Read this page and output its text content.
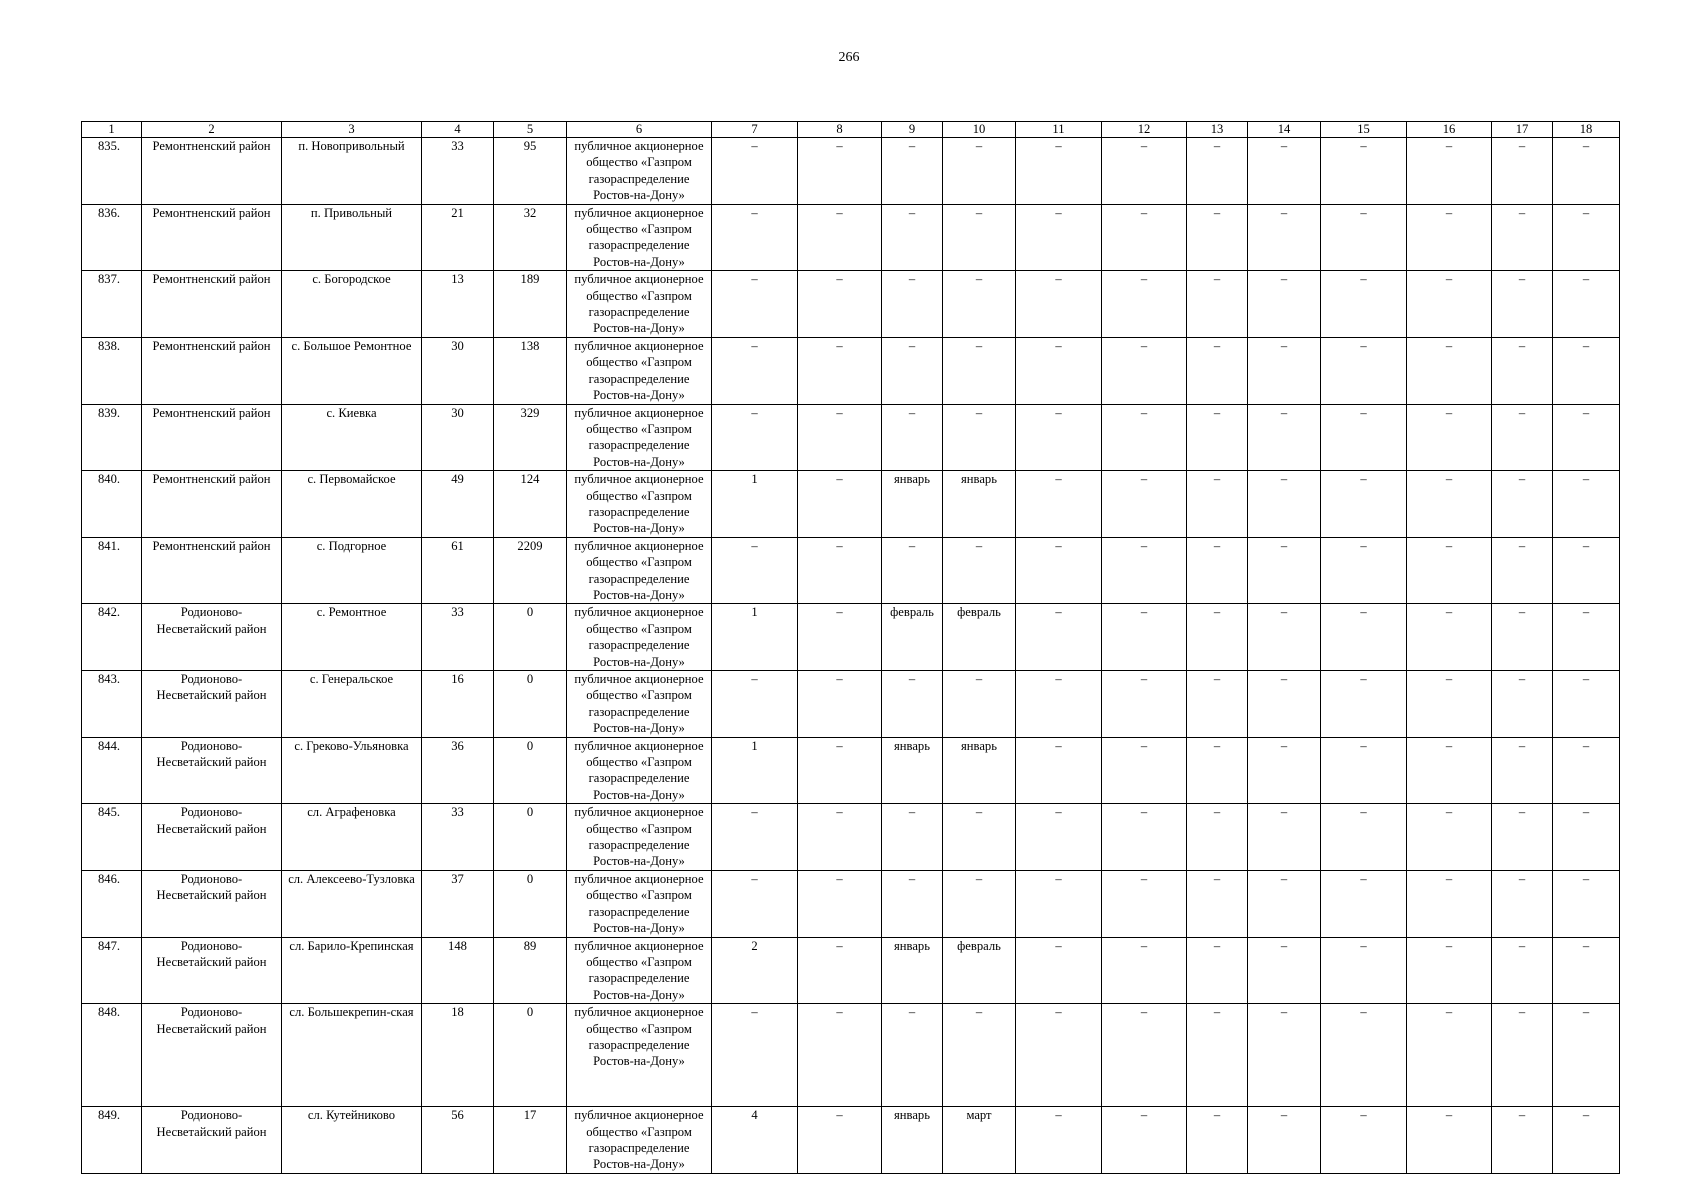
266
1	2	3	4	5	6	7	8	9	10	11	12	13	14	15	16	17	18
835.	Ремонтненский район	п. Новопривольный	33	95	публичное акционерное общество «Газпром газораспределение Ростов-на-Дону»	–	–	–	–	–	–	–	–	–	–	–	–
836.	Ремонтненский район	п. Привольный	21	32	публичное акционерное общество «Газпром газораспределение Ростов-на-Дону»	–	–	–	–	–	–	–	–	–	–	–	–
837.	Ремонтненский район	с. Богородское	13	189	публичное акционерное общество «Газпром газораспределение Ростов-на-Дону»	–	–	–	–	–	–	–	–	–	–	–	–
838.	Ремонтненский район	с. Большое Ремонтное	30	138	публичное акционерное общество «Газпром газораспределение Ростов-на-Дону»	–	–	–	–	–	–	–	–	–	–	–	–
839.	Ремонтненский район	с. Киевка	30	329	публичное акционерное общество «Газпром газораспределение Ростов-на-Дону»	–	–	–	–	–	–	–	–	–	–	–	–
840.	Ремонтненский район	с. Первомайское	49	124	публичное акционерное общество «Газпром газораспределение Ростов-на-Дону»	1	–	январь	январь	–	–	–	–	–	–	–	–
841.	Ремонтненский район	с. Подгорное	61	2209	публичное акционерное общество «Газпром газораспределение Ростов-на-Дону»	–	–	–	–	–	–	–	–	–	–	–	–
842.	Родионово-Несветайский район	с. Ремонтное	33	0	публичное акционерное общество «Газпром газораспределение Ростов-на-Дону»	1	–	февраль	февраль	–	–	–	–	–	–	–	–
843.	Родионово-Несветайский район	с. Генеральское	16	0	публичное акционерное общество «Газпром газораспределение Ростов-на-Дону»	–	–	–	–	–	–	–	–	–	–	–	–
844.	Родионово-Несветайский район	с. Греково-Ульяновка	36	0	публичное акционерное общество «Газпром газораспределение Ростов-на-Дону»	1	–	январь	январь	–	–	–	–	–	–	–	–
845.	Родионово-Несветайский район	сл. Аграфеновка	33	0	публичное акционерное общество «Газпром газораспределение Ростов-на-Дону»	–	–	–	–	–	–	–	–	–	–	–	–
846.	Родионово-Несветайский район	сл. Алексеево-Тузловка	37	0	публичное акционерное общество «Газпром газораспределение Ростов-на-Дону»	–	–	–	–	–	–	–	–	–	–	–	–
847.	Родионово-Несветайский район	сл. Барило-Крепинская	148	89	публичное акционерное общество «Газпром газораспределение Ростов-на-Дону»	2	–	январь	февраль	–	–	–	–	–	–	–	–
848.	Родионово-Несветайский район	сл. Большекрепин-ская	18	0	публичное акционерное общество «Газпром газораспределение Ростов-на-Дону»	–	–	–	–	–	–	–	–	–	–	–	–
849.	Родионово-Несветайский район	сл. Кутейниково	56	17	публичное акционерное общество «Газпром газораспределение Ростов-на-Дону»	4	–	январь	март	–	–	–	–	–	–	–	–
